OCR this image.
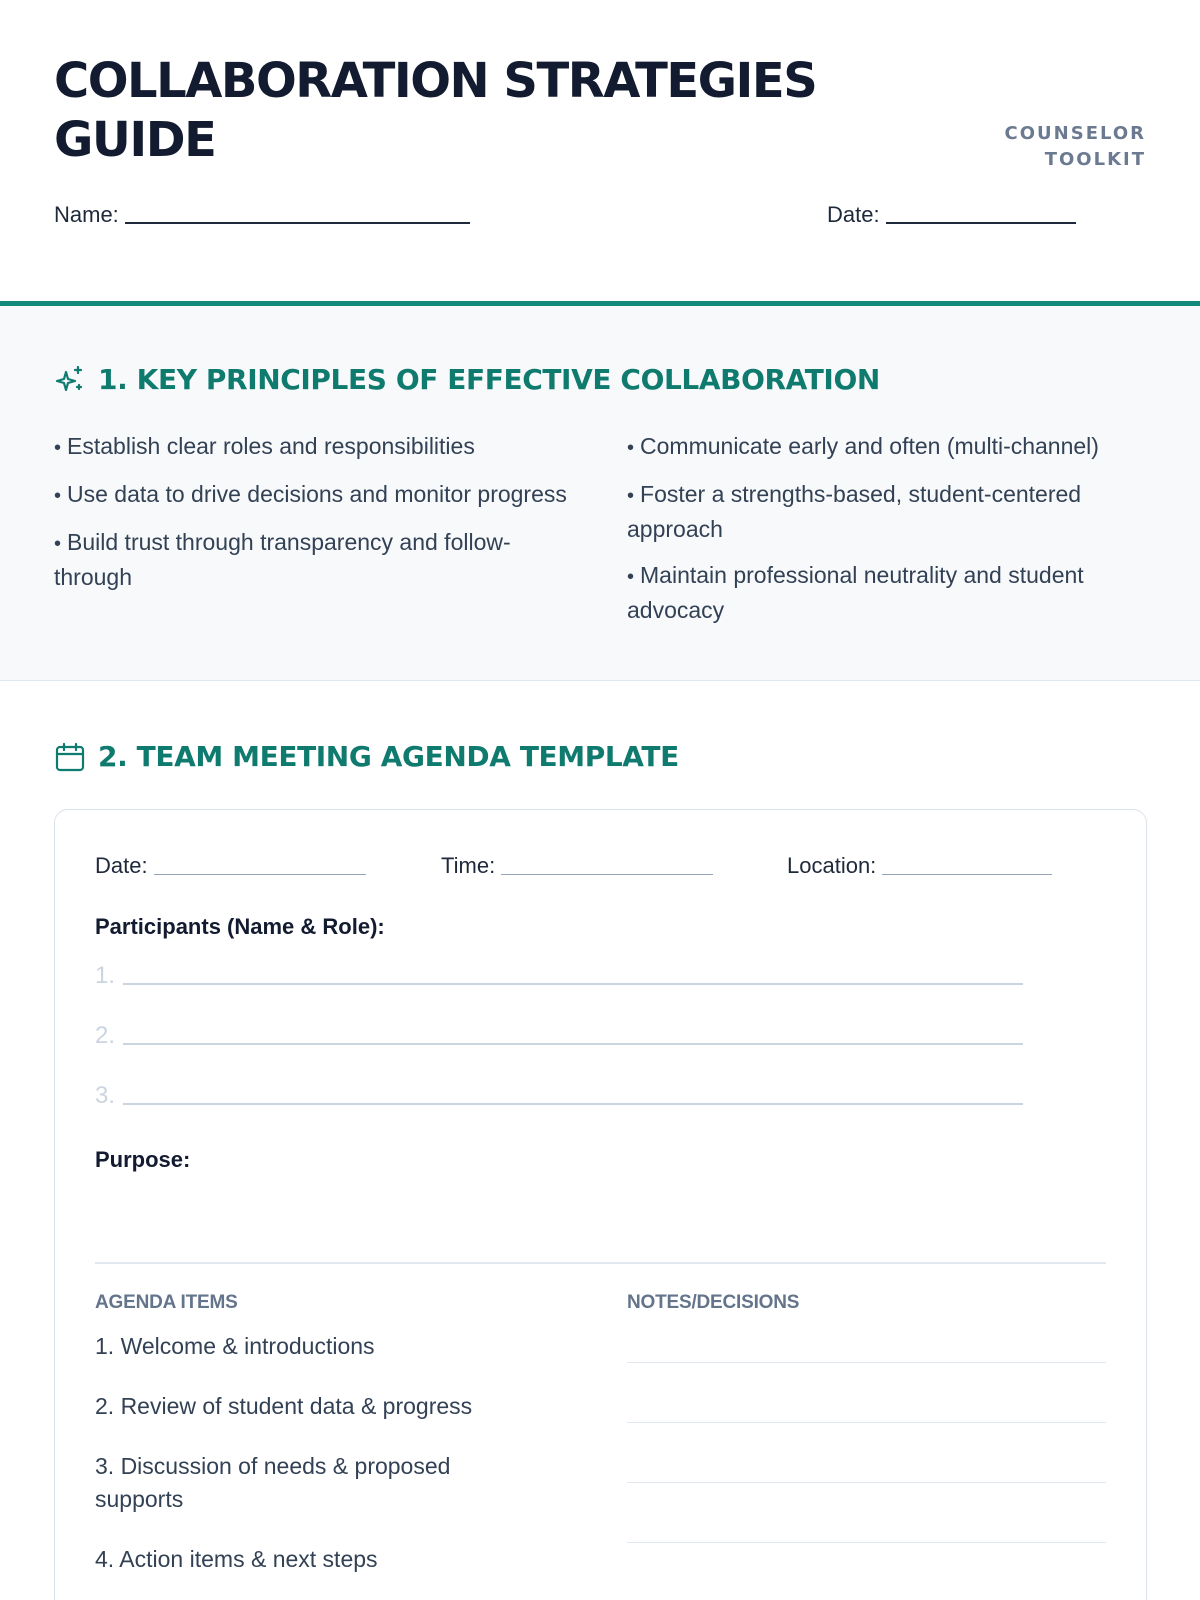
COLLABORATION STRATEGIES GUIDE	COUNSELOR
TOOLKIT
Name:	Date:
1. KEY PRINCIPLES OF EFFECTIVE COLLABORATION
• Establish clear roles and responsibilities
• Use data to drive decisions and monitor progress
• Build trust through transparency and follow-through
• Communicate early and often (multi-channel)
• Foster a strengths-based, student-centered approach
• Maintain professional neutrality and student advocacy
2. TEAM MEETING AGENDA TEMPLATE
Date:	Time:	Location:
Participants (Name & Role):
1.
2.
3.
Purpose:
AGENDA ITEMS	NOTES/DECISIONS
1. Welcome & introductions
2. Review of student data & progress
3. Discussion of needs & proposed supports
4. Action items & next steps
